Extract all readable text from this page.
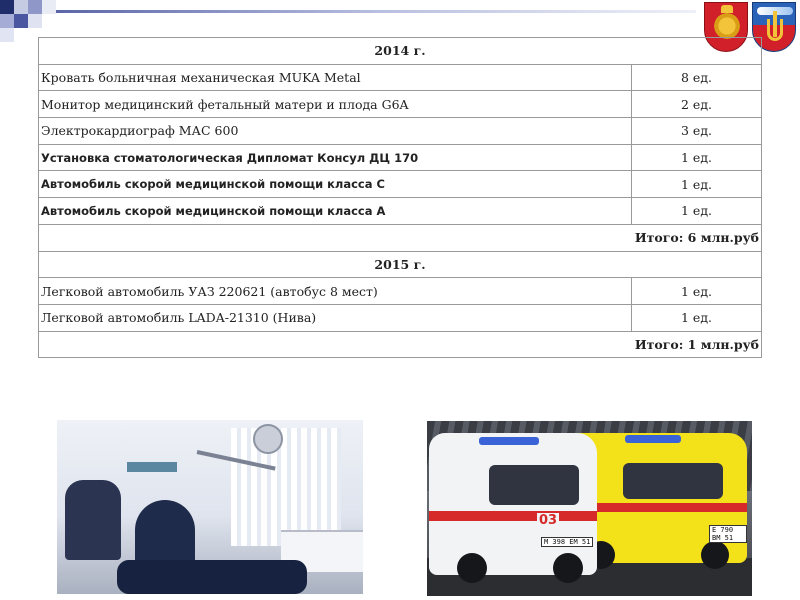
2014 г.	
Кровать больничная механическая MUKA Metal	8 ед.
Монитор медицинский фетальный матери и плода G6A	2 ед.
Электрокардиограф МАС 600	3 ед.
Установка стоматологическая Дипломат Консул ДЦ 170	1 ед.
Автомобиль скорой медицинской помощи класса С	1 ед.
Автомобиль скорой медицинской помощи класса А	1 ед.
Итого: 6 млн.руб	
2015 г.	
Легковой автомобиль УАЗ 220621 (автобус 8 мест)	1 ед.
Легковой автомобиль LADA-21310 (Нива)	1 ед.
Итого: 1 млн.руб	
Е 790 ВМ 51
03
М 398 ЕМ 51
